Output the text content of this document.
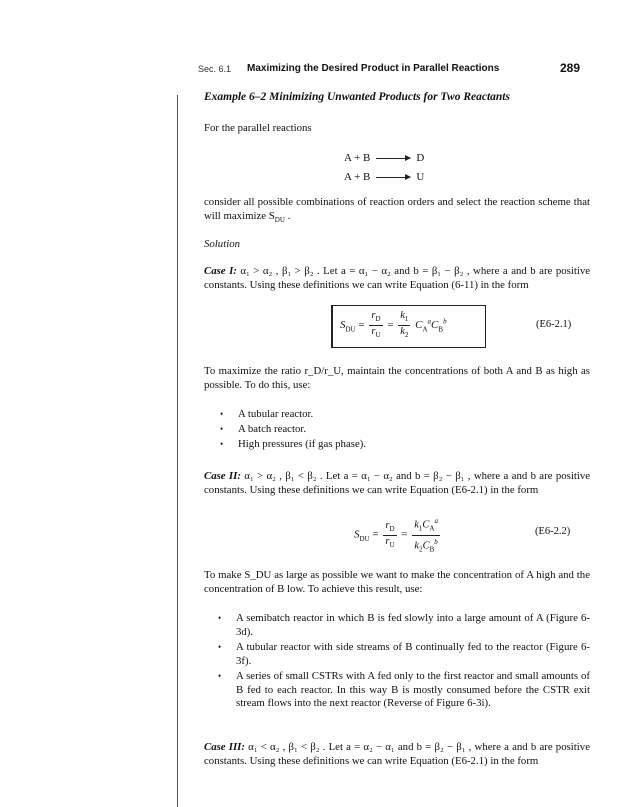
Sec. 6.1 Maximizing the Desired Product in Parallel Reactions	289
Example 6–2 Minimizing Unwanted Products for Two Reactants

For the parallel reactions

A + B → D
A + B → U

consider all possible combinations of reaction orders and select the reaction scheme that will maximize $S_{DU}$ .

Solution

Case I: α₁ > α₂ , β₁ > β₂ . Let a = α₁ − α₂ and b = β₁ − β₂ , where a and b are positive constants. Using these definitions we can write Equation (6-11) in the form

$S_{DU} = \frac{r_D}{r_U} = \frac{k_1}{k_2} C_A^aC_B^b$	(E6-2.1)

To maximize the ratio r_D/r_U, maintain the concentrations of both A and B as high as possible. To do this, use:

• A tubular reactor.
• A batch reactor.
• High pressures (if gas phase).

Case II: α₁ > α₂ , β₁ < β₂ . Let a = α₁ − α₂ and b = β₂ − β₁ , where a and b are positive constants. Using these definitions we can write Equation (E6-2.1) in the form

$S_{DU} = \frac{r_D}{r_U} = \frac{k_1C_A^a}{k_2C_B^b}$	(E6-2.2)

To make S_DU as large as possible we want to make the concentration of A high and the concentration of B low. To achieve this result, use:

• A semibatch reactor in which B is fed slowly into a large amount of A (Figure 6-3d).
• A tubular reactor with side streams of B continually fed to the reactor (Figure 6-3f).
• A series of small CSTRs with A fed only to the first reactor and small amounts of B fed to each reactor. In this way B is mostly consumed before the CSTR exit stream flows into the next reactor (Reverse of Figure 6-3i).

Case III: α₁ < α₂ , β₁ < β₂ . Let a = α₂ − α₁ and b = β₂ − β₁ , where a and b are positive constants. Using these definitions we can write Equation (E6-2.1) in the form
